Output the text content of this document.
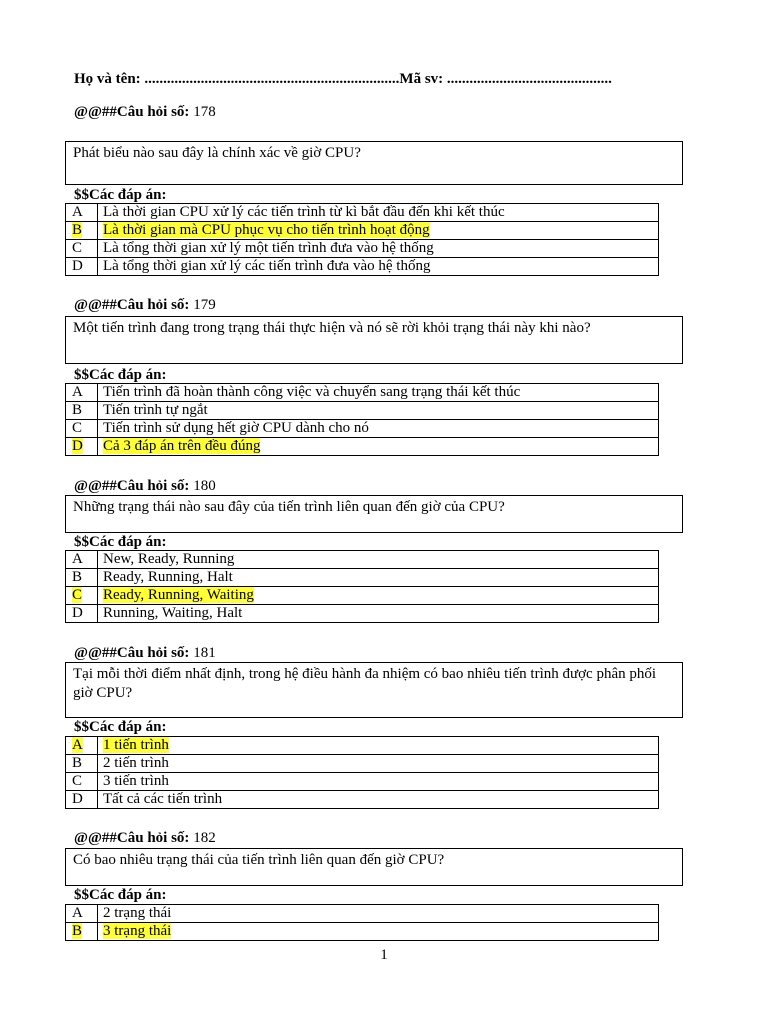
Họ và tên: ....................................................................Mã sv: ............................................
@@##Câu hỏi số: 178
Phát biểu nào sau đây là chính xác về giờ CPU?
$$Các đáp án:
A	Là thời gian CPU xử lý các tiến trình từ kì bắt đầu đến khi kết thúc
B	Là thời gian mà CPU phục vụ cho tiến trình hoạt động
C	Là tổng thời gian xử lý một tiến trình đưa vào hệ thống
D	Là tổng thời gian xử lý các tiến trình đưa vào hệ thống
@@##Câu hỏi số: 179
Một tiến trình đang trong trạng thái thực hiện và nó sẽ rời khỏi trạng thái này khi nào?
$$Các đáp án:
A	Tiến trình đã hoàn thành công việc và chuyển sang trạng thái kết thúc
B	Tiến trình tự ngắt
C	Tiến trình sử dụng hết giờ CPU dành cho nó
D	Cả 3 đáp án trên đều đúng
@@##Câu hỏi số: 180
Những trạng thái nào sau đây của tiến trình liên quan đến giờ của CPU?
$$Các đáp án:
A	New, Ready, Running
B	Ready, Running, Halt
C	Ready, Running, Waiting
D	Running, Waiting, Halt
@@##Câu hỏi số: 181
Tại mỗi thời điểm nhất định, trong hệ điều hành đa nhiệm có bao nhiêu tiến trình được phân phối giờ CPU?
$$Các đáp án:
A	1 tiến trình
B	2 tiến trình
C	3 tiến trình
D	Tất cả các tiến trình
@@##Câu hỏi số: 182
Có bao nhiêu trạng thái của tiến trình liên quan đến giờ CPU?
$$Các đáp án:
A	2 trạng thái
B	3 trạng thái
1
